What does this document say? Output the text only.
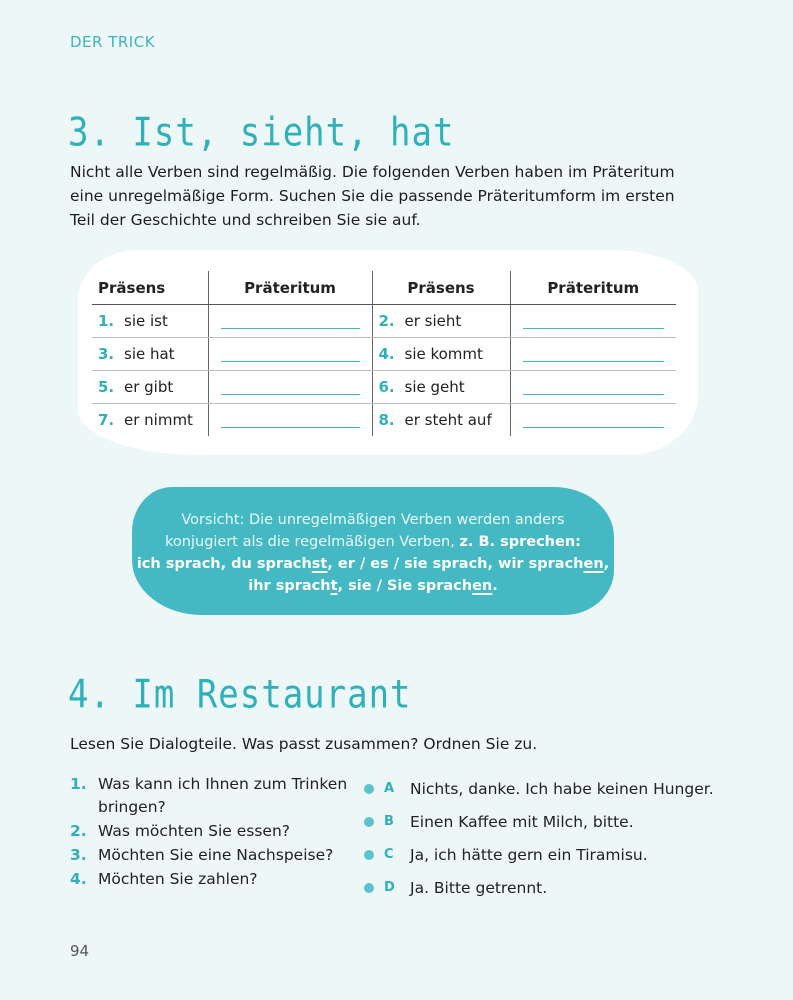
DER TRICK
3. Ist, sieht, hat
Nicht alle Verben sind regelmäßig. Die folgenden Verben haben im Präteritum
eine unregelmäßige Form. Suchen Sie die passende Präteritumform im ersten
Teil der Geschichte und schreiben Sie sie auf.
Präsens	Präteritum	Präsens	Präteritum
1. sie ist		2. er sieht	

3. sie hat		4. sie kommt	

5. er gibt		6. sie geht	

7. er nimmt		8. er steht auf	
Vorsicht: Die unregelmäßigen Verben werden anders
konjugiert als die regelmäßigen Verben, z. B. sprechen:
ich sprach, du sprachst, er / es / sie sprach, wir sprachen,
ihr spracht, sie / Sie sprachen.
4. Im Restaurant
Lesen Sie Dialogteile. Was passt zusammen? Ordnen Sie zu.
1. Was kann ich Ihnen zum Trinken bringen?
2. Was möchten Sie essen?
3. Möchten Sie eine Nachspeise?
4. Möchten Sie zahlen?
A	Nichts, danke. Ich habe keinen Hunger.
B	Einen Kaffee mit Milch, bitte.
C	Ja, ich hätte gern ein Tiramisu.
D Ja. Bitte getrennt.
94
